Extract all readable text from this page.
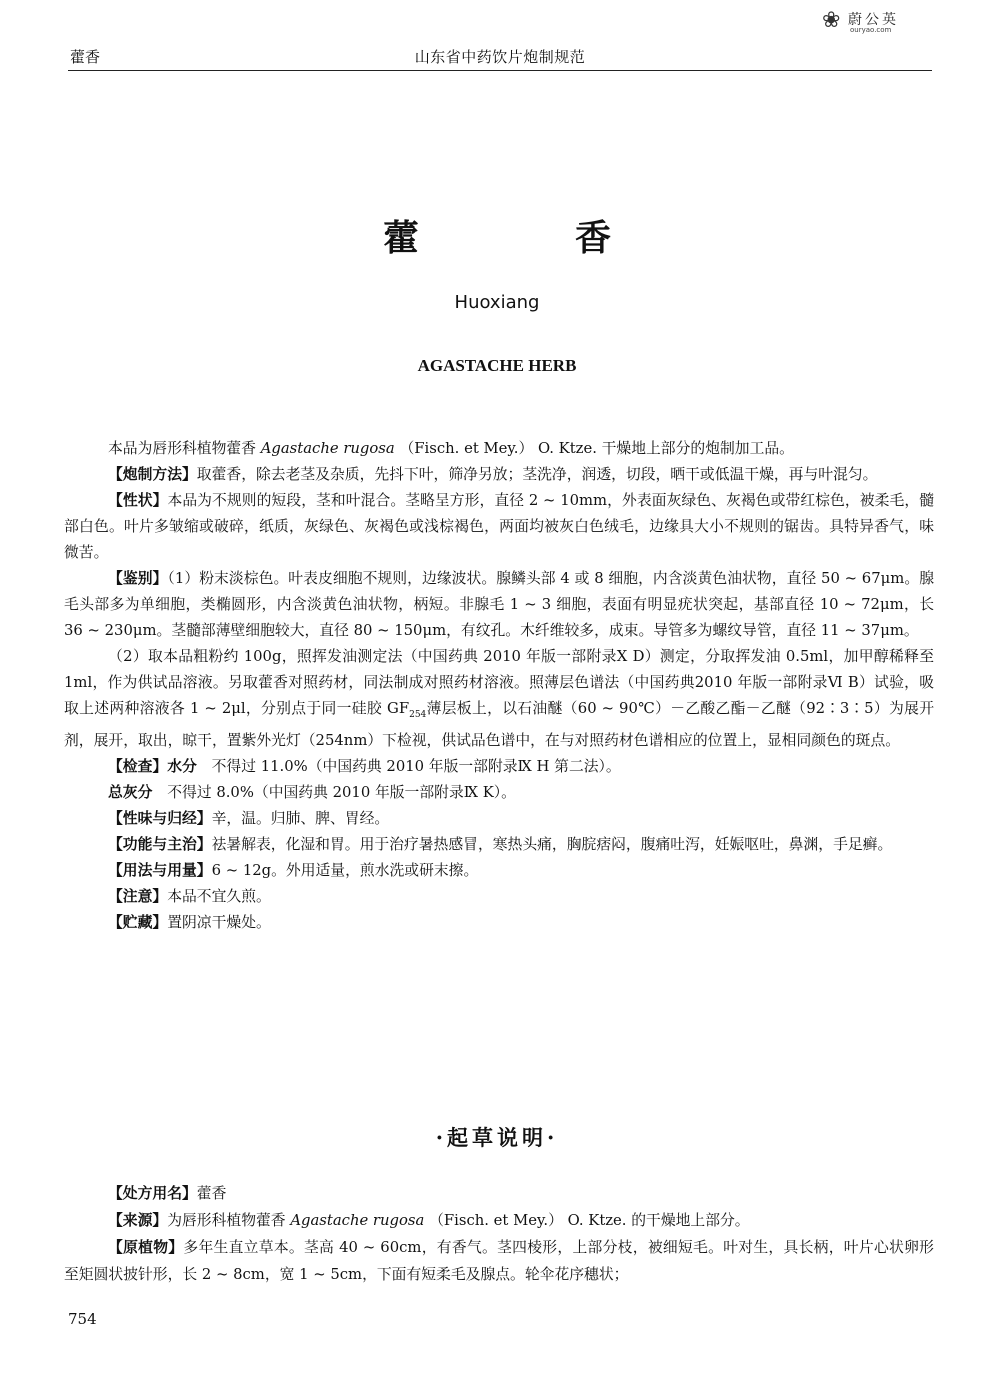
❀ 蔚公英
ouryao.com
藿香	山东省中药饮片炮制规范
藿　香
Huoxiang
AGASTACHE HERB

本品为唇形科植物藿香 Agastache rugosa （Fisch. et Mey.） O. Ktze. 干燥地上部分的炮制加工品。

【炮制方法】取藿香，除去老茎及杂质，先抖下叶，筛净另放；茎洗净，润透，切段，晒干或低温干燥，再与叶混匀。

【性状】本品为不规则的短段，茎和叶混合。茎略呈方形，直径 2 ~ 10mm，外表面灰绿色、灰褐色或带红棕色，被柔毛，髓部白色。叶片多皱缩或破碎，纸质，灰绿色、灰褐色或浅棕褐色，两面均被灰白色绒毛，边缘具大小不规则的锯齿。具特异香气，味微苦。

【鉴别】（1）粉末淡棕色。叶表皮细胞不规则，边缘波状。腺鳞头部 4 或 8 细胞，内含淡黄色油状物，直径 50 ~ 67μm。腺毛头部多为单细胞，类椭圆形，内含淡黄色油状物，柄短。非腺毛 1 ~ 3 细胞，表面有明显疣状突起，基部直径 10 ~ 72μm，长 36 ~ 230μm。茎髓部薄壁细胞较大，直径 80 ~ 150μm，有纹孔。木纤维较多，成束。导管多为螺纹导管，直径 11 ~ 37μm。

（2）取本品粗粉约 100g，照挥发油测定法（中国药典 2010 年版一部附录Ⅹ D）测定，分取挥发油 0.5ml，加甲醇稀释至 1ml，作为供试品溶液。另取藿香对照药材，同法制成对照药材溶液。照薄层色谱法（中国药典2010 年版一部附录Ⅵ B）试验，吸取上述两种溶液各 1 ~ 2μl，分别点于同一硅胶 $GF_{254}$薄层板上，以石油醚（60 ~ 90℃）－乙酸乙酯－乙醚（92∶3∶5）为展开剂，展开，取出，晾干，置紫外光灯（254nm）下检视，供试品色谱中，在与对照药材色谱相应的位置上，显相同颜色的斑点。

【检查】水分　 不得过 11.0%（中国药典 2010 年版一部附录Ⅸ H 第二法）。

总灰分　 不得过 8.0%（中国药典 2010 年版一部附录Ⅸ K）。

【性味与归经】辛，温。归肺、脾、胃经。

【功能与主治】祛暑解表，化湿和胃。用于治疗暑热感冒，寒热头痛，胸脘痞闷，腹痛吐泻，妊娠呕吐，鼻渊，手足癣。

【用法与用量】6 ~ 12g。外用适量，煎水洗或研末擦。

【注意】本品不宜久煎。

【贮藏】置阴凉干燥处。

·起草说明·

【处方用名】藿香

【来源】为唇形科植物藿香 Agastache rugosa （Fisch. et Mey.） O. Ktze. 的干燥地上部分。

【原植物】多年生直立草本。茎高 40 ~ 60cm，有香气。茎四棱形，上部分枝，被细短毛。叶对生，具长柄，叶片心状卵形至矩圆状披针形，长 2 ~ 8cm，宽 1 ~ 5cm，下面有短柔毛及腺点。轮伞花序穗状；

754
